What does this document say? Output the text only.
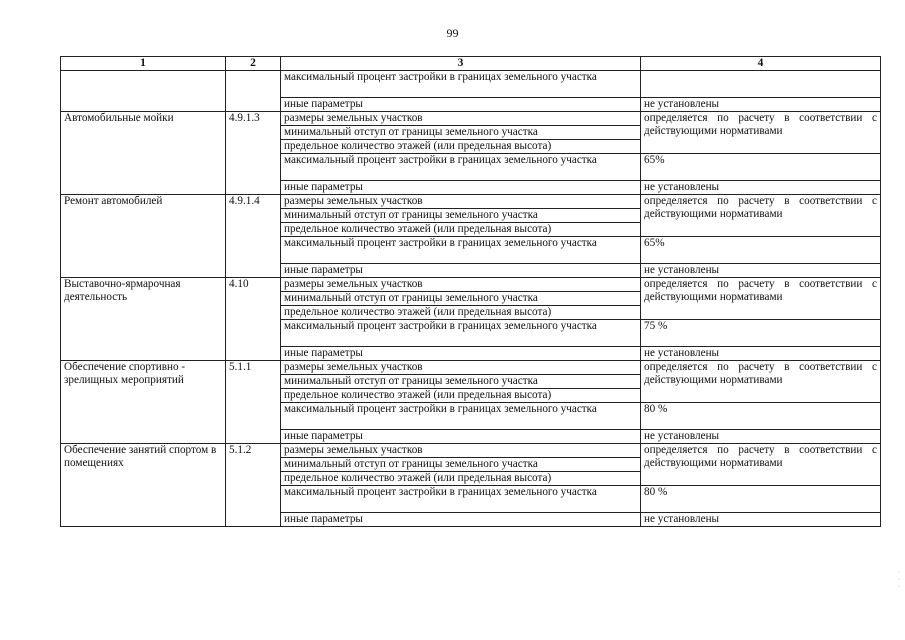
99
1	2	3	4
		максимальный процент застройки в границах земельного участка	
		иные параметры	не установлены
Автомобильные мойки	4.9.1.3	размеры земельных участков	определяется по расчету в соответствии с действующими нормативами
		минимальный отступ от границы земельного участка	
		предельное количество этажей (или предельная высота)	
		максимальный процент застройки в границах земельного участка	65%
		иные параметры	не установлены
Ремонт автомобилей	4.9.1.4	размеры земельных участков	определяется по расчету в соответствии с действующими нормативами
		минимальный отступ от границы земельного участка	
		предельное количество этажей (или предельная высота)	
		максимальный процент застройки в границах земельного участка	65%
		иные параметры	не установлены
Выставочно-ярмарочная деятельность	4.10	размеры земельных участков	определяется по расчету в соответствии с действующими нормативами
		минимальный отступ от границы земельного участка	
		предельное количество этажей (или предельная высота)	
		максимальный процент застройки в границах земельного участка	75 %
		иные параметры	не установлены
Обеспечение спортивно - зрелищных мероприятий	5.1.1	размеры земельных участков	определяется по расчету в соответствии с действующими нормативами
		минимальный отступ от границы земельного участка	
		предельное количество этажей (или предельная высота)	
		максимальный процент застройки в границах земельного участка	80 %
		иные параметры	не установлены
Обеспечение занятий спортом в помещениях	5.1.2	размеры земельных участков	определяется по расчету в соответствии с действующими нормативами
		минимальный отступ от границы земельного участка	
		предельное количество этажей (или предельная высота)	
		максимальный процент застройки в границах земельного участка	80 %
		иные параметры	не установлены
·
·
·
